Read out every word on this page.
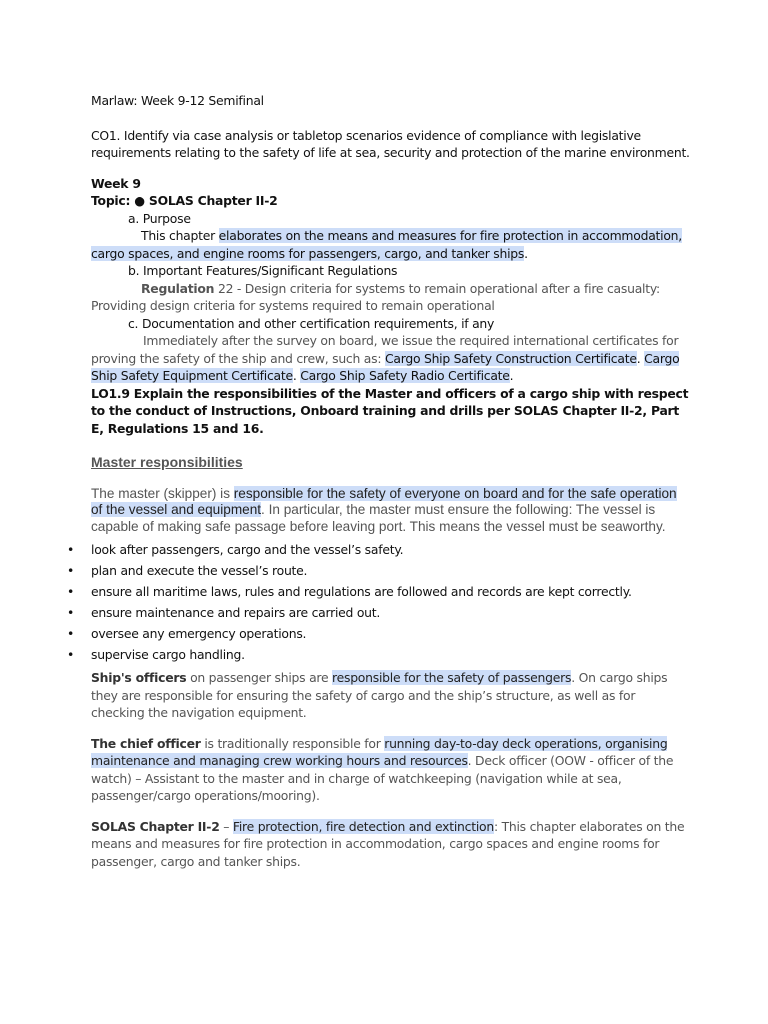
Marlaw: Week 9-12 Semifinal

CO1. Identify via case analysis or tabletop scenarios evidence of compliance with legislative requirements relating to the safety of life at sea, security and protection of the marine environment.

Week 9

Topic: ● SOLAS Chapter II-2

a. Purpose

This chapter elaborates on the means and measures for fire protection in accommodation, cargo spaces, and engine rooms for passengers, cargo, and tanker ships.

b. Important Features/Significant Regulations

Regulation 22 - Design criteria for systems to remain operational after a fire casualty: Providing design criteria for systems required to remain operational

c. Documentation and other certification requirements, if any

Immediately after the survey on board, we issue the required international certificates for proving the safety of the ship and crew, such as: Cargo Ship Safety Construction Certificate. Cargo Ship Safety Equipment Certificate. Cargo Ship Safety Radio Certificate.

LO1.9 Explain the responsibilities of the Master and officers of a cargo ship with respect to the conduct of Instructions, Onboard training and drills per SOLAS Chapter II-2, Part E, Regulations 15 and 16.

Master responsibilities

The master (skipper) is responsible for the safety of everyone on board and for the safe operation of the vessel and equipment. In particular, the master must ensure the following: The vessel is capable of making safe passage before leaving port. This means the vessel must be seaworthy.

• look after passengers, cargo and the vessel’s safety.
• plan and execute the vessel’s route.
• ensure all maritime laws, rules and regulations are followed and records are kept correctly.
• ensure maintenance and repairs are carried out.
• oversee any emergency operations.
• supervise cargo handling.

Ship's officers on passenger ships are responsible for the safety of passengers. On cargo ships they are responsible for ensuring the safety of cargo and the ship’s structure, as well as for checking the navigation equipment.

The chief officer is traditionally responsible for running day-to-day deck operations, organising maintenance and managing crew working hours and resources. Deck officer (OOW - officer of the watch) – Assistant to the master and in charge of watchkeeping (navigation while at sea, passenger/cargo operations/mooring).

SOLAS Chapter II-2 – Fire protection, fire detection and extinction: This chapter elaborates on the means and measures for fire protection in accommodation, cargo spaces and engine rooms for passenger, cargo and tanker ships.
